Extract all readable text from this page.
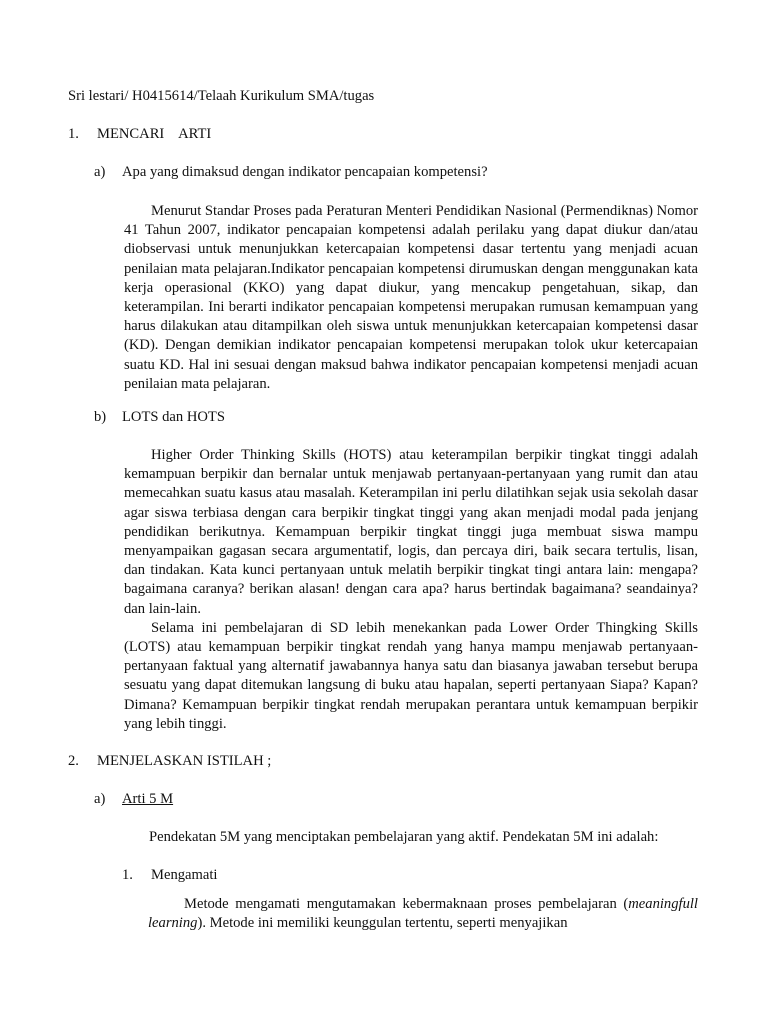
Sri lestari/ H0415614/Telaah Kurikulum SMA/tugas
1. MENCARI    ARTI
a) Apa yang dimaksud dengan indikator pencapaian kompetensi?

Menurut Standar Proses pada Peraturan Menteri Pendidikan Nasional (Permendiknas) Nomor 41 Tahun 2007, indikator pencapaian kompetensi adalah perilaku yang dapat diukur dan/atau diobservasi untuk menunjukkan ketercapaian kompetensi dasar tertentu yang menjadi acuan penilaian mata pelajaran.Indikator pencapaian kompetensi dirumuskan dengan menggunakan kata kerja operasional (KKO) yang dapat diukur, yang mencakup pengetahuan, sikap, dan keterampilan. Ini berarti indikator pencapaian kompetensi merupakan rumusan kemampuan yang harus dilakukan atau ditampilkan oleh siswa untuk menunjukkan ketercapaian kompetensi dasar (KD). Dengan demikian indikator pencapaian kompetensi merupakan tolok ukur ketercapaian suatu KD. Hal ini sesuai dengan maksud bahwa indikator pencapaian kompetensi menjadi acuan penilaian mata pelajaran.

b) LOTS dan HOTS

Higher Order Thinking Skills (HOTS) atau keterampilan berpikir tingkat tinggi adalah kemampuan berpikir dan bernalar untuk menjawab pertanyaan-pertanyaan yang rumit dan atau memecahkan suatu kasus atau masalah. Keterampilan ini perlu dilatihkan sejak usia sekolah dasar agar siswa terbiasa dengan cara berpikir tingkat tinggi yang akan menjadi modal pada jenjang pendidikan berikutnya. Kemampuan berpikir tingkat tinggi juga membuat siswa mampu menyampaikan gagasan secara argumentatif, logis, dan percaya diri, baik secara tertulis, lisan, dan tindakan. Kata kunci pertanyaan untuk melatih berpikir tingkat tingi antara lain: mengapa? bagaimana caranya? berikan alasan! dengan cara apa? harus bertindak bagaimana? seandainya? dan lain-lain.

Selama ini pembelajaran di SD lebih menekankan pada Lower Order Thingking Skills (LOTS) atau kemampuan berpikir tingkat rendah yang hanya mampu menjawab pertanyaan-pertanyaan faktual yang alternatif jawabannya hanya satu dan biasanya jawaban tersebut berupa sesuatu yang dapat ditemukan langsung di buku atau hapalan, seperti pertanyaan Siapa? Kapan? Dimana? Kemampuan berpikir tingkat rendah merupakan perantara untuk kemampuan berpikir yang lebih tinggi.

2. MENJELASKAN ISTILAH ;
a) Arti 5 M
Pendekatan 5M yang menciptakan pembelajaran yang aktif. Pendekatan 5M ini adalah:
1. Mengamati

Metode mengamati mengutamakan kebermaknaan proses pembelajaran (meaningfull learning). Metode ini memiliki keunggulan tertentu, seperti menyajikan
